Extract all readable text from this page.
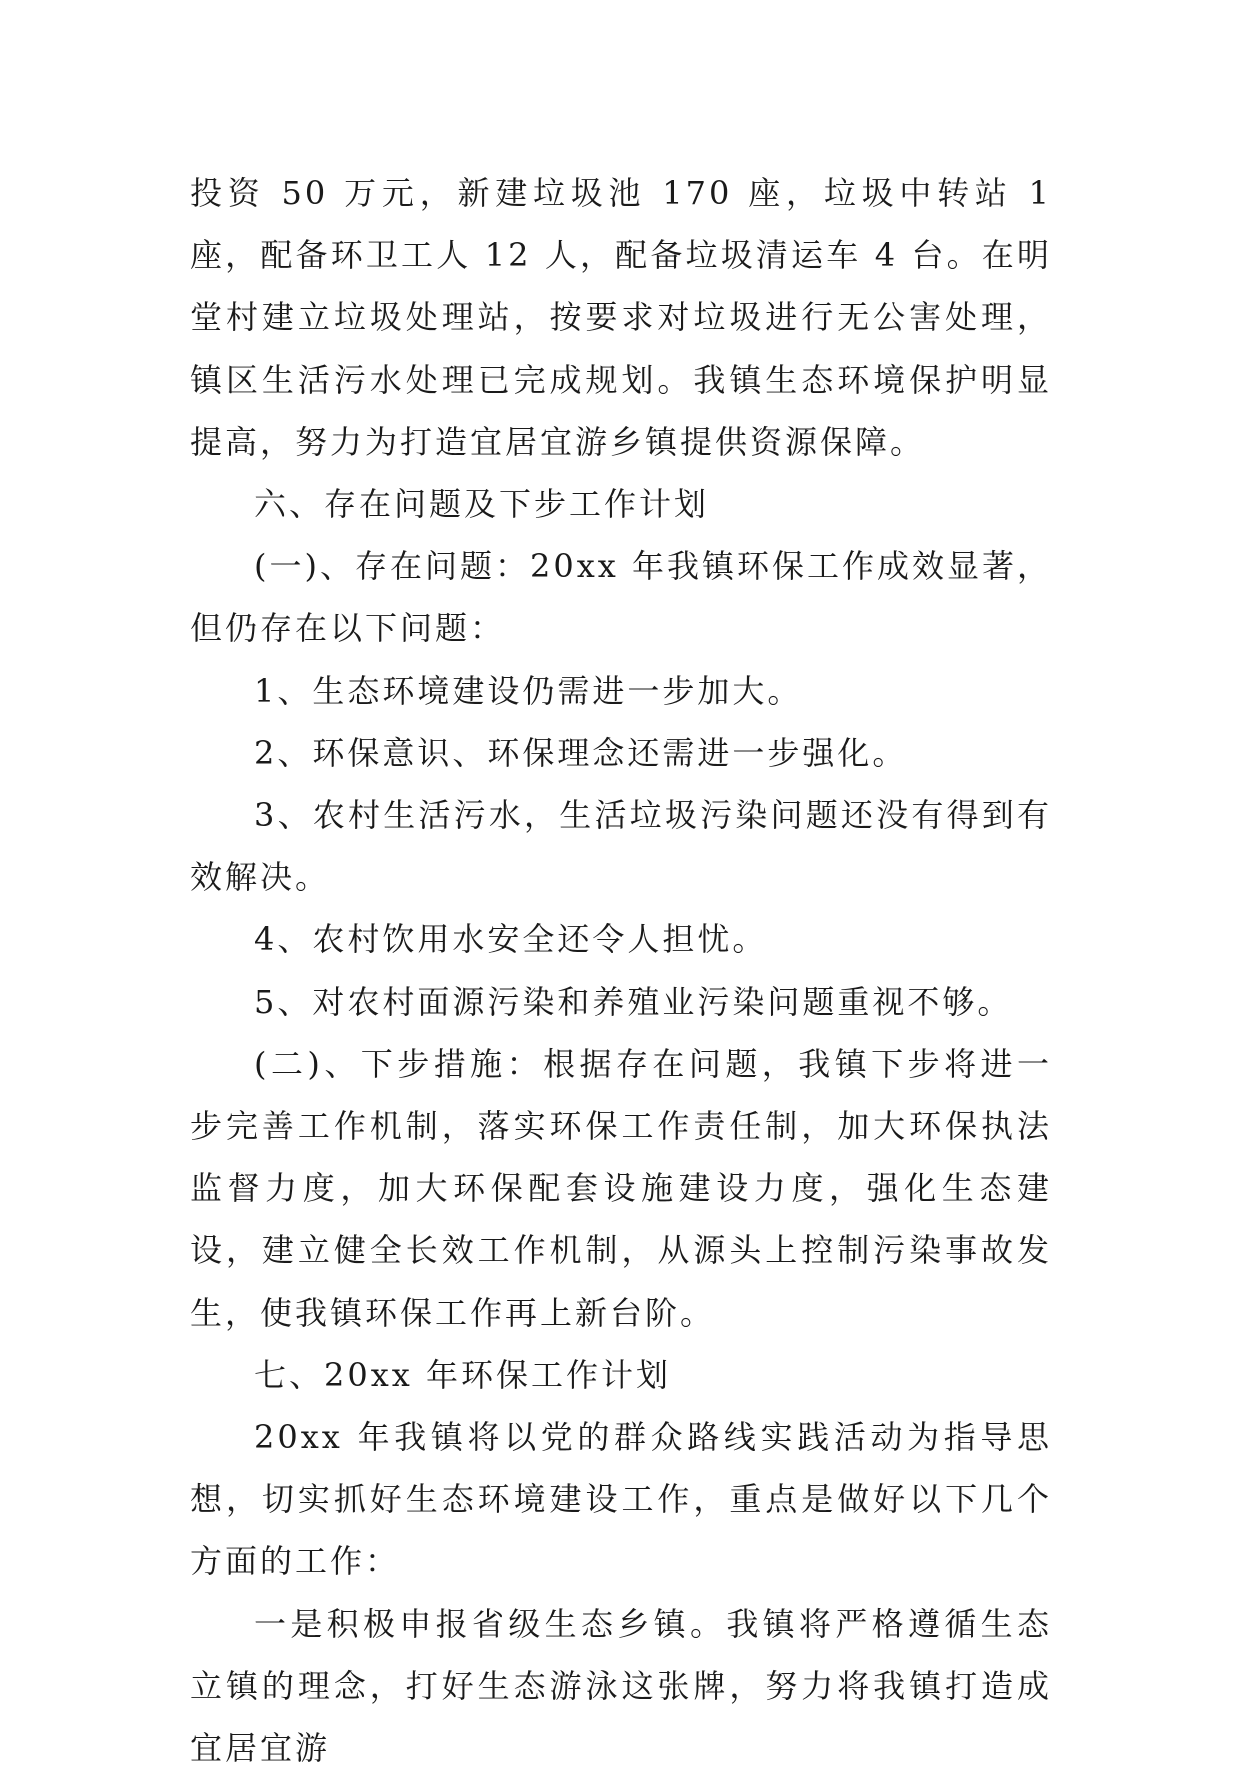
投资 50 万元，新建垃圾池 170 座，垃圾中转站 1 座，配备环卫工人 12 人，配备垃圾清运车 4 台。在明堂村建立垃圾处理站，按要求对垃圾进行无公害处理，镇区生活污水处理已完成规划。我镇生态环境保护明显提高，努力为打造宜居宜游乡镇提供资源保障。

六、存在问题及下步工作计划

(一)、存在问题：20xx 年我镇环保工作成效显著，但仍存在以下问题：

1、生态环境建设仍需进一步加大。

2、环保意识、环保理念还需进一步强化。

3、农村生活污水，生活垃圾污染问题还没有得到有效解决。

4、农村饮用水安全还令人担忧。

5、对农村面源污染和养殖业污染问题重视不够。

(二)、下步措施：根据存在问题，我镇下步将进一步完善工作机制，落实环保工作责任制，加大环保执法监督力度，加大环保配套设施建设力度，强化生态建设，建立健全长效工作机制，从源头上控制污染事故发生，使我镇环保工作再上新台阶。

七、20xx 年环保工作计划

20xx 年我镇将以党的群众路线实践活动为指导思想，切实抓好生态环境建设工作，重点是做好以下几个方面的工作：

一是积极申报省级生态乡镇。我镇将严格遵循生态立镇的理念，打好生态游泳这张牌，努力将我镇打造成宜居宜游
